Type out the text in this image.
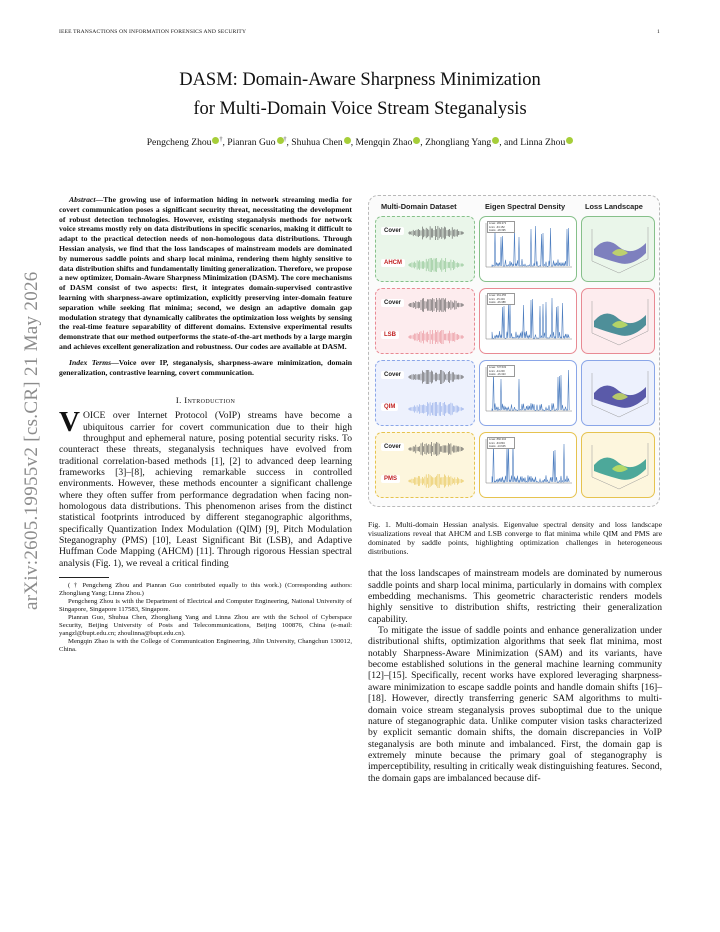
IEEE TRANSACTIONS ON INFORMATION FORENSICS AND SECURITY	1
DASM: Domain-Aware Sharpness Minimization
for Multi-Domain Voice Stream Steganalysis
Pengcheng Zhou †, Pianran Guo †, Shuhua Chen , Mengqin Zhao , Zhongliang Yang , and Linna Zhou
arXiv:2605.19955v2 [cs.CR] 21 May 2026

Abstract—The growing use of information hiding in network streaming media for covert communication poses a significant security threat, necessitating the development of robust detection technologies. However, existing steganalysis methods for network voice streams mostly rely on data distributions in specific scenarios, making it difficult to adapt to the practical detection needs of non-homologous data distributions. Through Hessian analysis, we find that the loss landscapes of mainstream models are dominated by numerous saddle points and sharp local minima, rendering them highly sensitive to data distribution shifts and fundamentally limiting generalization. Therefore, we propose a new optimizer, Domain-Aware Sharpness Minimization (DASM). The core mechanisms of DASM consist of two aspects: first, it integrates domain-supervised contrastive learning with sharpness-aware optimization, explicitly preserving inter-domain feature separation while seeking flat minima; second, we design an adaptive domain gap modulation strategy that dynamically calibrates the optimization loss weights by sensing the real-time feature separability of different domains. Extensive experimental results demonstrate that our method outperforms the state-of-the-art methods by a large margin and achieves excellent generalization and robustness. Our codes are available at DASM.

Index Terms—Voice over IP, steganalysis, sharpness-aware minimization, domain generalization, contrastive learning, covert communication.

I. Introduction

VOICE over Internet Protocol (VoIP) streams have become a ubiquitous carrier for covert communication due to their high throughput and ephemeral nature, posing potential security risks. To counteract these threats, steganalysis techniques have evolved from traditional correlation-based methods [1], [2] to advanced deep learning frameworks [3]–[8], achieving remarkable success in controlled environments. However, these methods encounter a significant challenge where they often suffer from performance degradation when facing non-homologous data distributions. This phenomenon arises from the distinct statistical footprints introduced by different steganographic algorithms, specifically Quantization Index Modulation (QIM) [9], Pitch Modulation Steganography (PMS) [10], Least Significant Bit (LSB), and Adaptive Huffman Code Mapping (AHCM) [11]. Through rigorous Hessian spectral analysis (Fig. 1), we reveal a critical finding

( † Pengcheng Zhou and Pianran Guo contributed equally to this work.) (Corresponding authors: Zhongliang Yang; Linna Zhou.)

Pengcheng Zhou is with the Department of Electrical and Computer Engineering, National University of Singapore, Singapore 117583, Singapore.

Pianran Guo, Shuhua Chen, Zhongliang Yang and Linna Zhou are with the School of Cyberspace Security, Beijing University of Posts and Telecommunications, Beijing 100876, China (e-mail: yangzl@bupt.edu.cn; zhoulinna@bupt.edu.cn).

Mengqin Zhao is with the College of Communication Engineering, Jilin University, Changchun 130012, China.

Multi-Domain Dataset	Eigen Spectral Density	Loss Landscape
Cover
AHCM
λmax: 183.373
λmin: -63.152
λratio: -18.395
Cover
LSB
λmax: 361.455
λmin: -15.404
λratio: -26.388
Cover
QIM
λmax: 737.533
λmin: -44.230
λratio: -16.323
Cover
PMS
λmax: 860.304
λmin: -63.894
λratio: -13.645

Fig. 1. Multi-domain Hessian analysis. Eigenvalue spectral density and loss landscape visualizations reveal that AHCM and LSB converge to flat minima while QIM and PMS are dominated by saddle points, highlighting optimization challenges in heterogeneous distributions.

that the loss landscapes of mainstream models are dominated by numerous saddle points and sharp local minima, particularly in domains with complex embedding mechanisms. This geometric characteristic renders models highly sensitive to distribution shifts, restricting their generalization capability.

To mitigate the issue of saddle points and enhance generalization under distributional shifts, optimization algorithms that seek flat minima, most notably Sharpness-Aware Minimization (SAM) and its variants, have become established solutions in the general machine learning community [12]–[15]. Specifically, recent works have explored leveraging sharpness-aware minimization to escape saddle points and handle domain shifts [16]–[18]. However, directly transferring generic SAM algorithms to multi-domain voice stream steganalysis proves suboptimal due to the unique nature of steganographic data. Unlike computer vision tasks characterized by explicit semantic domain shifts, the domain discrepancies in VoIP steganalysis are both minute and imbalanced. First, the domain gap is extremely minute because the primary goal of steganography is imperceptibility, resulting in critically weak distinguishing features. Second, the domain gaps are imbalanced because dif-
